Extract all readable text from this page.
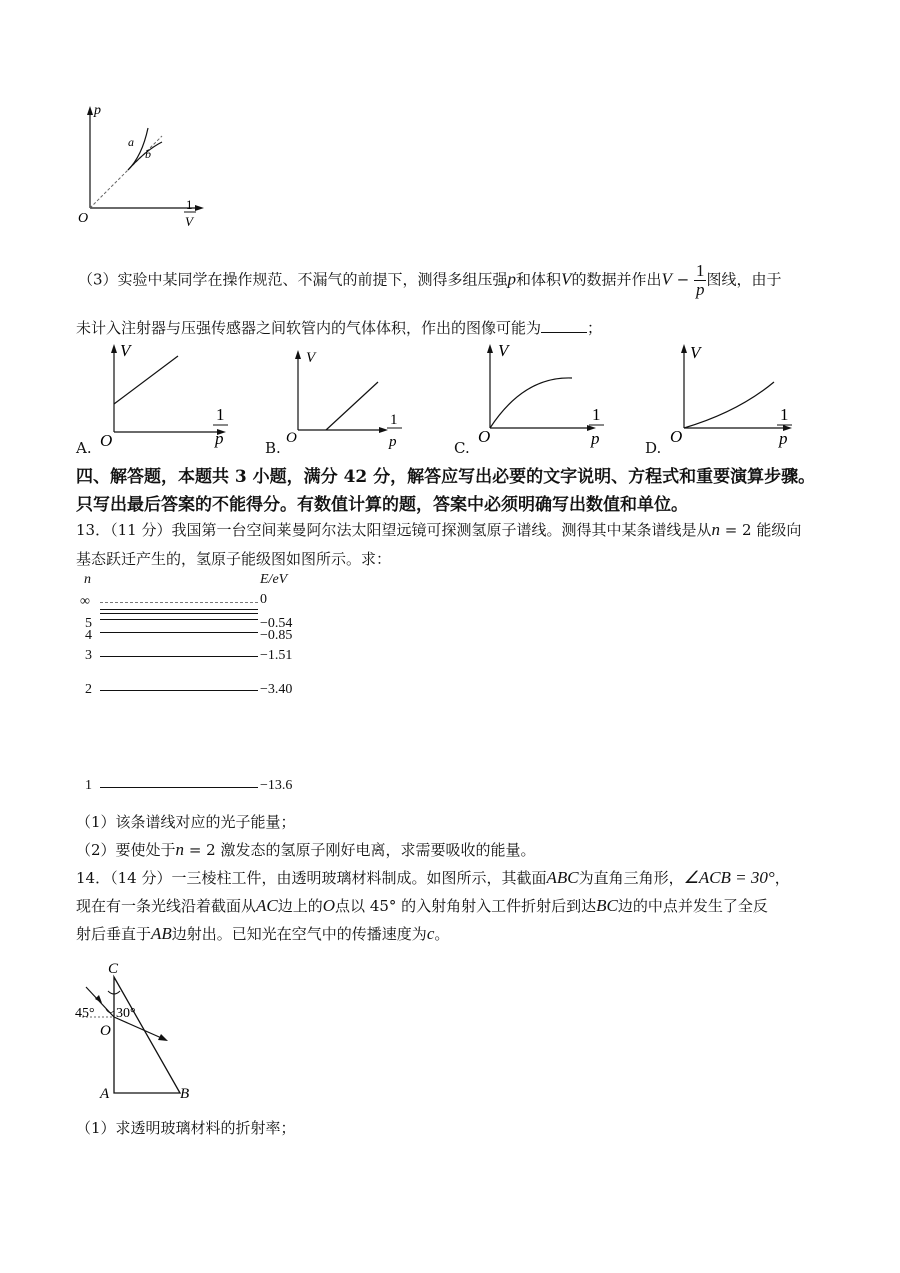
p
O
a
b
1
V
（3）实验中某同学在操作规范、不漏气的前提下，测得多组压强p和体积V的数据并作出$V - \frac{1}{p}$ 图线，由于
未计入注射器与压强传感器之间软管内的气体体积，作出的图像可能为	；
A.
V
O
1
p	B.
V
O
1
p	C.
V
O
1
p	D.
V
O
1
p
四、解答题，本题共 3 小题，满分 42 分，解答应写出必要的文字说明、方程式和重要演算步骤。
只写出最后答案的不能得分。有数值计算的题，答案中必须明确写出数值和单位。
13．（11 分）我国第一台空间莱曼阿尔法太阳望远镜可探测氢原子谱线。测得其中某条谱线是从n = 2 能级向
基态跃迁产生的，氢原子能级图如图所示。求：
n	E/eV
∞	0
5	−0.54
4	−0.85
3	−1.51
2	−3.40
1	−13.6
（1）该条谱线对应的光子能量；
（2）要使处于n = 2 激发态的氢原子刚好电离，求需要吸收的能量。
14．（14 分）一三棱柱工件，由透明玻璃材料制成。如图所示，其截面ABC为直角三角形，∠ACB = 30°，
现在有一条光线沿着截面从AC边上的O点以 45° 的入射角射入工件折射后到达BC边的中点并发生了全反
射后垂直于AB边射出。已知光在空气中的传播速度为c。
C
A	B
O
45° 30°
（1）求透明玻璃材料的折射率；
